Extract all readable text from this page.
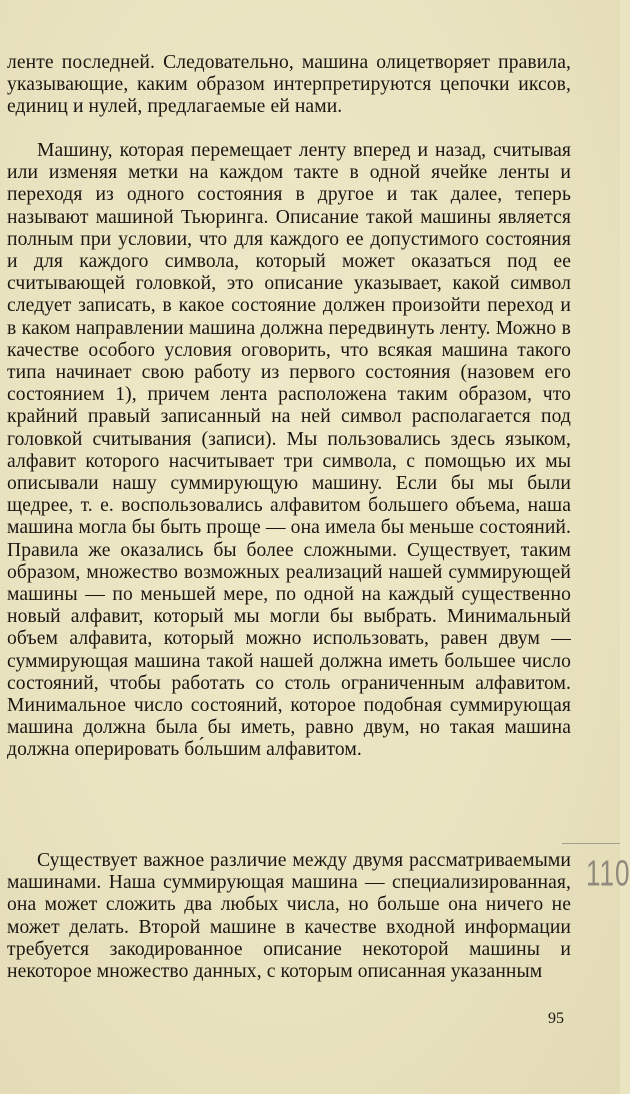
ленте последней. Следовательно, машина олицетворяет правила, указывающие, каким образом интерпретируются цепочки иксов, единиц и нулей, предлагаемые ей нами.

Машину, которая перемещает ленту вперед и назад, считывая или изменяя метки на каждом такте в одной ячейке ленты и переходя из одного состояния в другое и так далее, теперь называют машиной Тьюринга. Описание такой машины является полным при условии, что для каждого ее допустимого состояния и для каждого символа, который может оказаться под ее считывающей головкой, это описание указывает, какой символ следует записать, в какое состояние должен произойти переход и в каком направлении машина должна передвинуть ленту. Можно в качестве особого условия оговорить, что всякая машина такого типа начинает свою работу из первого состояния (назовем его состоянием 1), причем лента расположена таким образом, что крайний правый записанный на ней символ располагается под головкой считывания (записи). Мы пользовались здесь языком, алфавит которого насчитывает три символа, с помощью их мы описывали нашу суммирующую машину. Если бы мы были щедрее, т. е. воспользовались алфавитом большего объема, наша машина могла бы быть проще — она имела бы меньше состояний. Правила же оказались бы более сложными. Существует, таким образом, множество возможных реализаций нашей суммирующей машины — по меньшей мере, по одной на каждый существенно новый алфавит, который мы могли бы выбрать. Минимальный объем алфавита, который можно использовать, равен двум — суммирующая машина такой нашей должна иметь большее число состояний, чтобы работать со столь ограниченным алфавитом. Минимальное число состояний, которое подобная суммирующая машина должна была бы иметь, равно двум, но такая машина должна оперировать бо́льшим алфавитом.

110

Существует важное различие между двумя рассматриваемыми машинами. Наша суммирующая машина — специализированная, она может сложить два любых числа, но больше она ничего не может делать. Второй машине в качестве входной информации требуется закодированное описание некоторой машины и некоторое множество данных, с которым описанная указанным

95
